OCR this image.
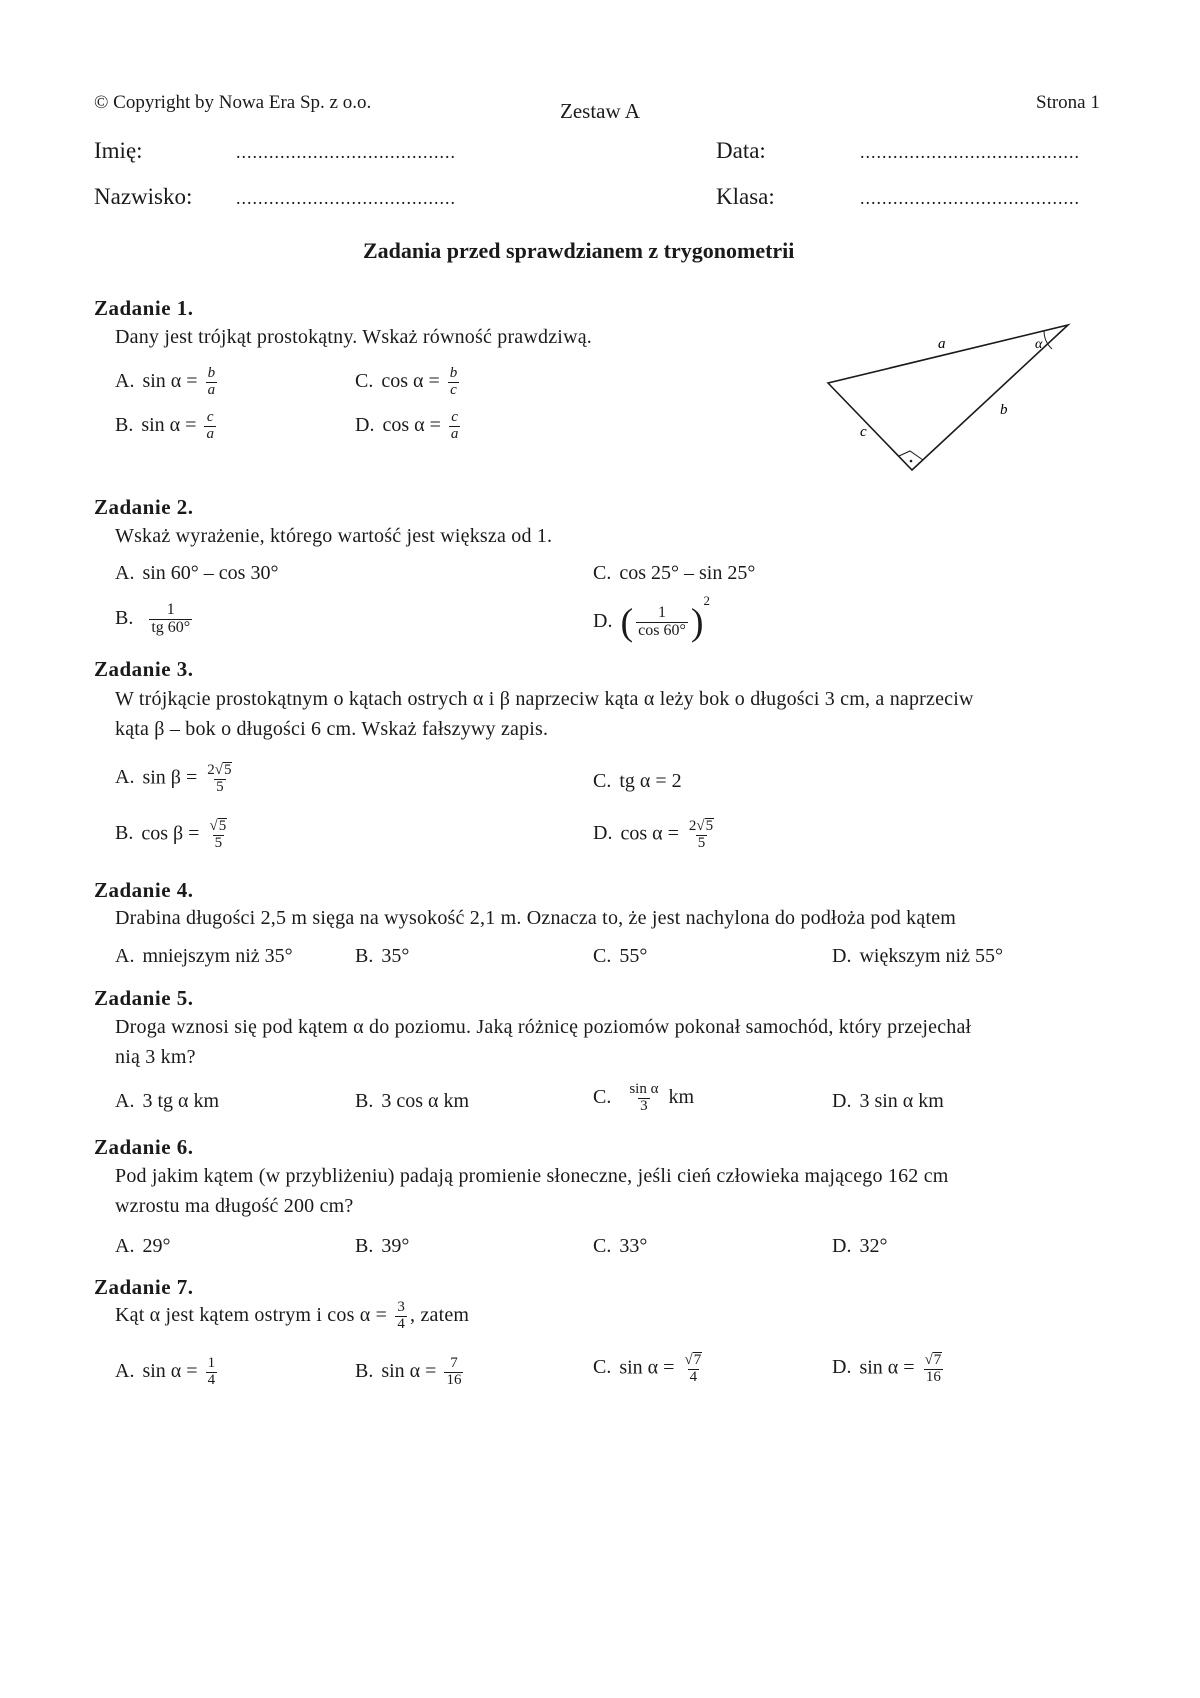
© Copyright by Nowa Era Sp. z o.o.	Zestaw A	Strona 1
Imię:	........................................	Data:	........................................
Nazwisko: ........................................	Klasa:	........................................
Zadania przed sprawdzianem z trygonometrii
Zadanie 1.
Dany jest trójkąt prostokątny. Wskaż równość prawdziwą.
A. $\sin \alpha = \frac{b}{a}$	C. $\cos \alpha = \frac{b}{c}$
B. $\sin \alpha = \frac{c}{a}$	D. $\cos \alpha = \frac{c}{a}$
a
b
c
α
Zadanie 2.
Wskaż wyrażenie, którego wartość jest większa od 1.
A. sin 60° – cos 30°	C. cos 25° – sin 25°
B. $\frac{1}{tg 60^\circ}$	D. ( $\frac{1}{\cos 60^\circ} )^2$
Zadanie 3.
W trójkącie prostokątnym o kątach ostrych α i β naprzeciw kąta α leży bok o długości 3 cm, a naprzeciw
kąta β – bok o długości 6 cm. Wskaż fałszywy zapis.
A. $\sin \beta = \frac{2 √ 5}{5}$	C. tg α = 2
B. $\cos \beta = \frac{√ 5}{5}$	D. $\cos \alpha = \frac{2 √ 5}{5}$
Zadanie 4.
Drabina długości 2,5 m sięga na wysokość 2,1 m. Oznacza to, że jest nachylona do podłoża pod kątem
A. mniejszym niż 35°	B. 35°	C. 55°	D. większym niż 55°
Zadanie 5.
Droga wznosi się pod kątem α do poziomu. Jaką różnicę poziomów pokonał samochód, który przejechał
nią 3 km?
A. 3 tg α km	B. 3 cos α km	C. $\frac{\text{sin α}}{3}$ km	D. 3 sin α km
Zadanie 6.
Pod jakim kątem (w przybliżeniu) padają promienie słoneczne, jeśli cień człowieka mającego 162 cm
wzrostu ma długość 200 cm?
A. 29°	B. 39°	C. 33°	D. 32°
Zadanie 7.
Kąt α jest kątem ostrym i $\cos \alpha = \frac{3}{4}$ , zatem
A. $\sin \alpha = \frac{1}{4}$	B. $\sin \alpha = \frac{7}{16}$	C. $\sin \alpha = \frac{√ 7}{4}$	D. $\sin \alpha = \frac{√ 7}{16}$
